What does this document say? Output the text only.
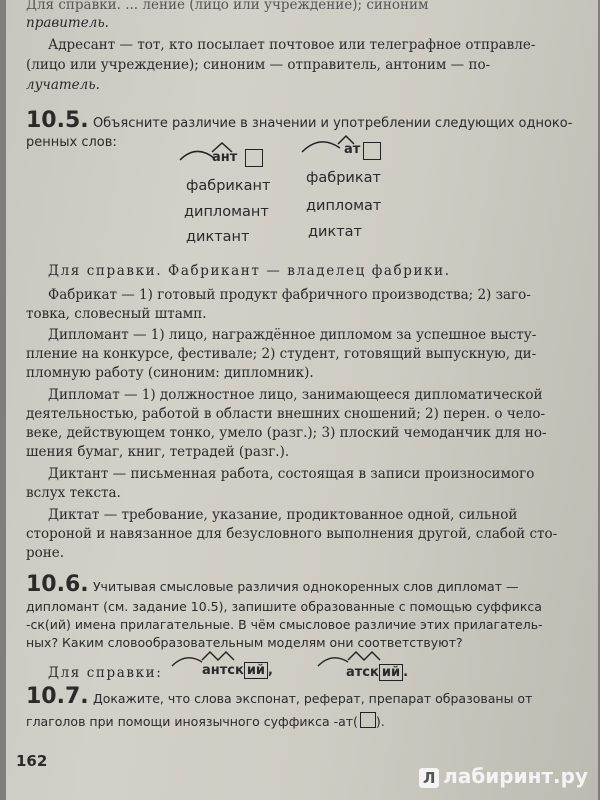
Для справки. ... ление (лицо или учреждение); синоним
правитель.
Адресант — тот, кто посылает почтовое или телеграфное отправле-
(лицо или учреждение); синоним — отправитель, антоним — по-
лучатель.
10.5. Объясните различие в значении и употреблении следующих одноко-
ренных слов:
ант
ат
фабрикант
дипломант
диктант
фабрикат
дипломат
диктат
Для справки. Фабрикант — владелец фабрики.
Фабрикат — 1) готовый продукт фабричного производства; 2) заго-
товка, словесный штамп.
Дипломант — 1) лицо, награждённое дипломом за успешное высту-
пление на конкурсе, фестивале; 2) студент, готовящий выпускную, ди-
пломную работу (синоним: дипломник).
Дипломат — 1) должностное лицо, занимающееся дипломатической
деятельностью, работой в области внешних сношений; 2) перен. о чело-
веке, действующем тонко, умело (разг.); 3) плоский чемоданчик для но-
шения бумаг, книг, тетрадей (разг.).
Диктант — письменная работа, состоящая в записи произносимого
вслух текста.
Диктат — требование, указание, продиктованное одной, сильной
стороной и навязанное для безусловного выполнения другой, слабой сто-
роне.
10.6. Учитывая смысловые различия однокоренных слов дипломат —
дипломант (см. задание 10.5), запишите образованные с помощью суффикса
-ск(ий) имена прилагательные. В чём смысловое различие этих прилагатель-
ных? Каким словообразовательным моделям они соответствуют?
Для справки:	антск ий ,	атск ий .
10.7. Докажите, что слова экспонат, реферат, препарат образованы от
глаголов при помощи иноязычного суффикса -ат( ).
162
Л лабиринт.ру
